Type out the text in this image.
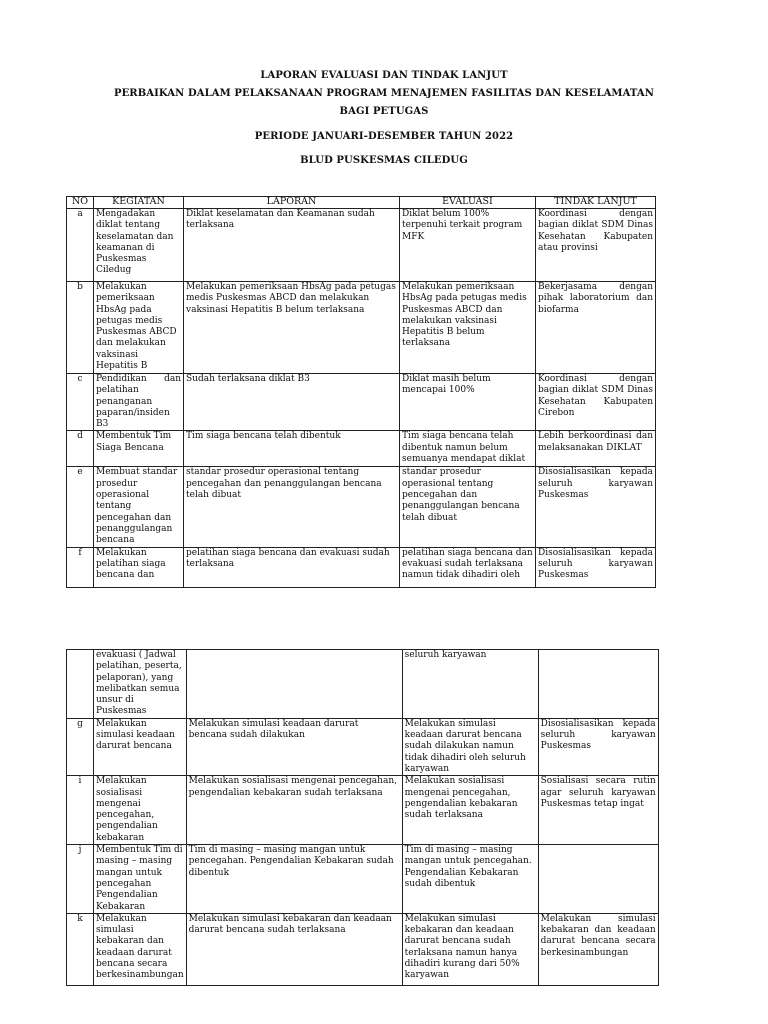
LAPORAN EVALUASI DAN TINDAK LANJUT
PERBAIKAN DALAM PELAKSANAAN PROGRAM MENAJEMEN FASILITAS DAN KESELAMATAN
BAGI PETUGAS
PERIODE JANUARI-DESEMBER TAHUN 2022
BLUD PUSKESMAS CILEDUG
NO	KEGIATAN	LAPORAN	EVALUASI	TINDAK LANJUT
a	Mengadakan diklat tentang keselamatan dan keamanan di Puskesmas Ciledug	Diklat keselamatan dan Keamanan sudah terlaksana	Diklat belum 100% terpenuhi terkait program MFK	Koordinasi dengan bagian diklat SDM Dinas Kesehatan Kabupaten atau provinsi
b	Melakukan pemeriksaan HbsAg pada petugas medis Puskesmas ABCD dan melakukan vaksinasi Hepatitis B	Melakukan pemeriksaan HbsAg pada petugas medis Puskesmas ABCD dan melakukan vaksinasi Hepatitis B belum terlaksana	Melakukan pemeriksaan HbsAg pada petugas medis Puskesmas ABCD dan melakukan vaksinasi Hepatitis B belum terlaksana	Bekerjasama dengan pihak laboratorium dan biofarma
c	Pendidikan dan pelatihan penanganan paparan/insiden B3	Sudah terlaksana diklat B3	Diklat masih belum mencapai 100%	Koordinasi dengan bagian diklat SDM Dinas Kesehatan Kabupaten Cirebon
d	Membentuk Tim Siaga Bencana	Tim siaga bencana telah dibentuk	Tim siaga bencana telah dibentuk namun belum semuanya mendapat diklat	Lebih berkoordinasi dan melaksanakan DIKLAT
e	Membuat standar prosedur operasional tentang pencegahan dan penanggulangan bencana	standar prosedur operasional tentang pencegahan dan penanggulangan bencana telah dibuat	standar prosedur operasional tentang pencegahan dan penanggulangan bencana telah dibuat	Disosialisasikan kepada seluruh karyawan Puskesmas
f	Melakukan pelatihan siaga bencana dan	pelatihan siaga bencana dan evakuasi sudah terlaksana	pelatihan siaga bencana dan evakuasi sudah terlaksana namun tidak dihadiri oleh	Disosialisasikan kepada seluruh karyawan Puskesmas
	evakuasi ( Jadwal pelatihan, peserta, pelaporan), yang melibatkan semua unsur di Puskesmas		seluruh karyawan	
g	Melakukan simulasi keadaan darurat bencana	Melakukan simulasi keadaan darurat bencana sudah dilakukan	Melakukan simulasi keadaan darurat bencana sudah dilakukan namun tidak dihadiri oleh seluruh karyawan	Disosialisasikan kepada seluruh karyawan Puskesmas
i	Melakukan sosialisasi mengenai pencegahan, pengendalian kebakaran	Melakukan sosialisasi mengenai pencegahan, pengendalian kebakaran sudah terlaksana	Melakukan sosialisasi mengenai pencegahan, pengendalian kebakaran sudah terlaksana	Sosialisasi secara rutin agar seluruh karyawan Puskesmas tetap ingat
j	Membentuk Tim di masing – masing mangan untuk pencegahan Pengendalian Kebakaran	Tim di masing – masing mangan untuk pencegahan. Pengendalian Kebakaran sudah dibentuk	Tim di masing – masing mangan untuk pencegahan. Pengendalian Kebakaran sudah dibentuk	
k	Melakukan simulasi kebakaran dan keadaan darurat bencana secara berkesinambungan	Melakukan simulasi kebakaran dan keadaan darurat bencana sudah terlaksana	Melakukan simulasi kebakaran dan keadaan darurat bencana sudah terlaksana namun hanya dihadiri kurang dari 50% karyawan	Melakukan simulasi kebakaran dan keadaan darurat bencana secara berkesinambungan
